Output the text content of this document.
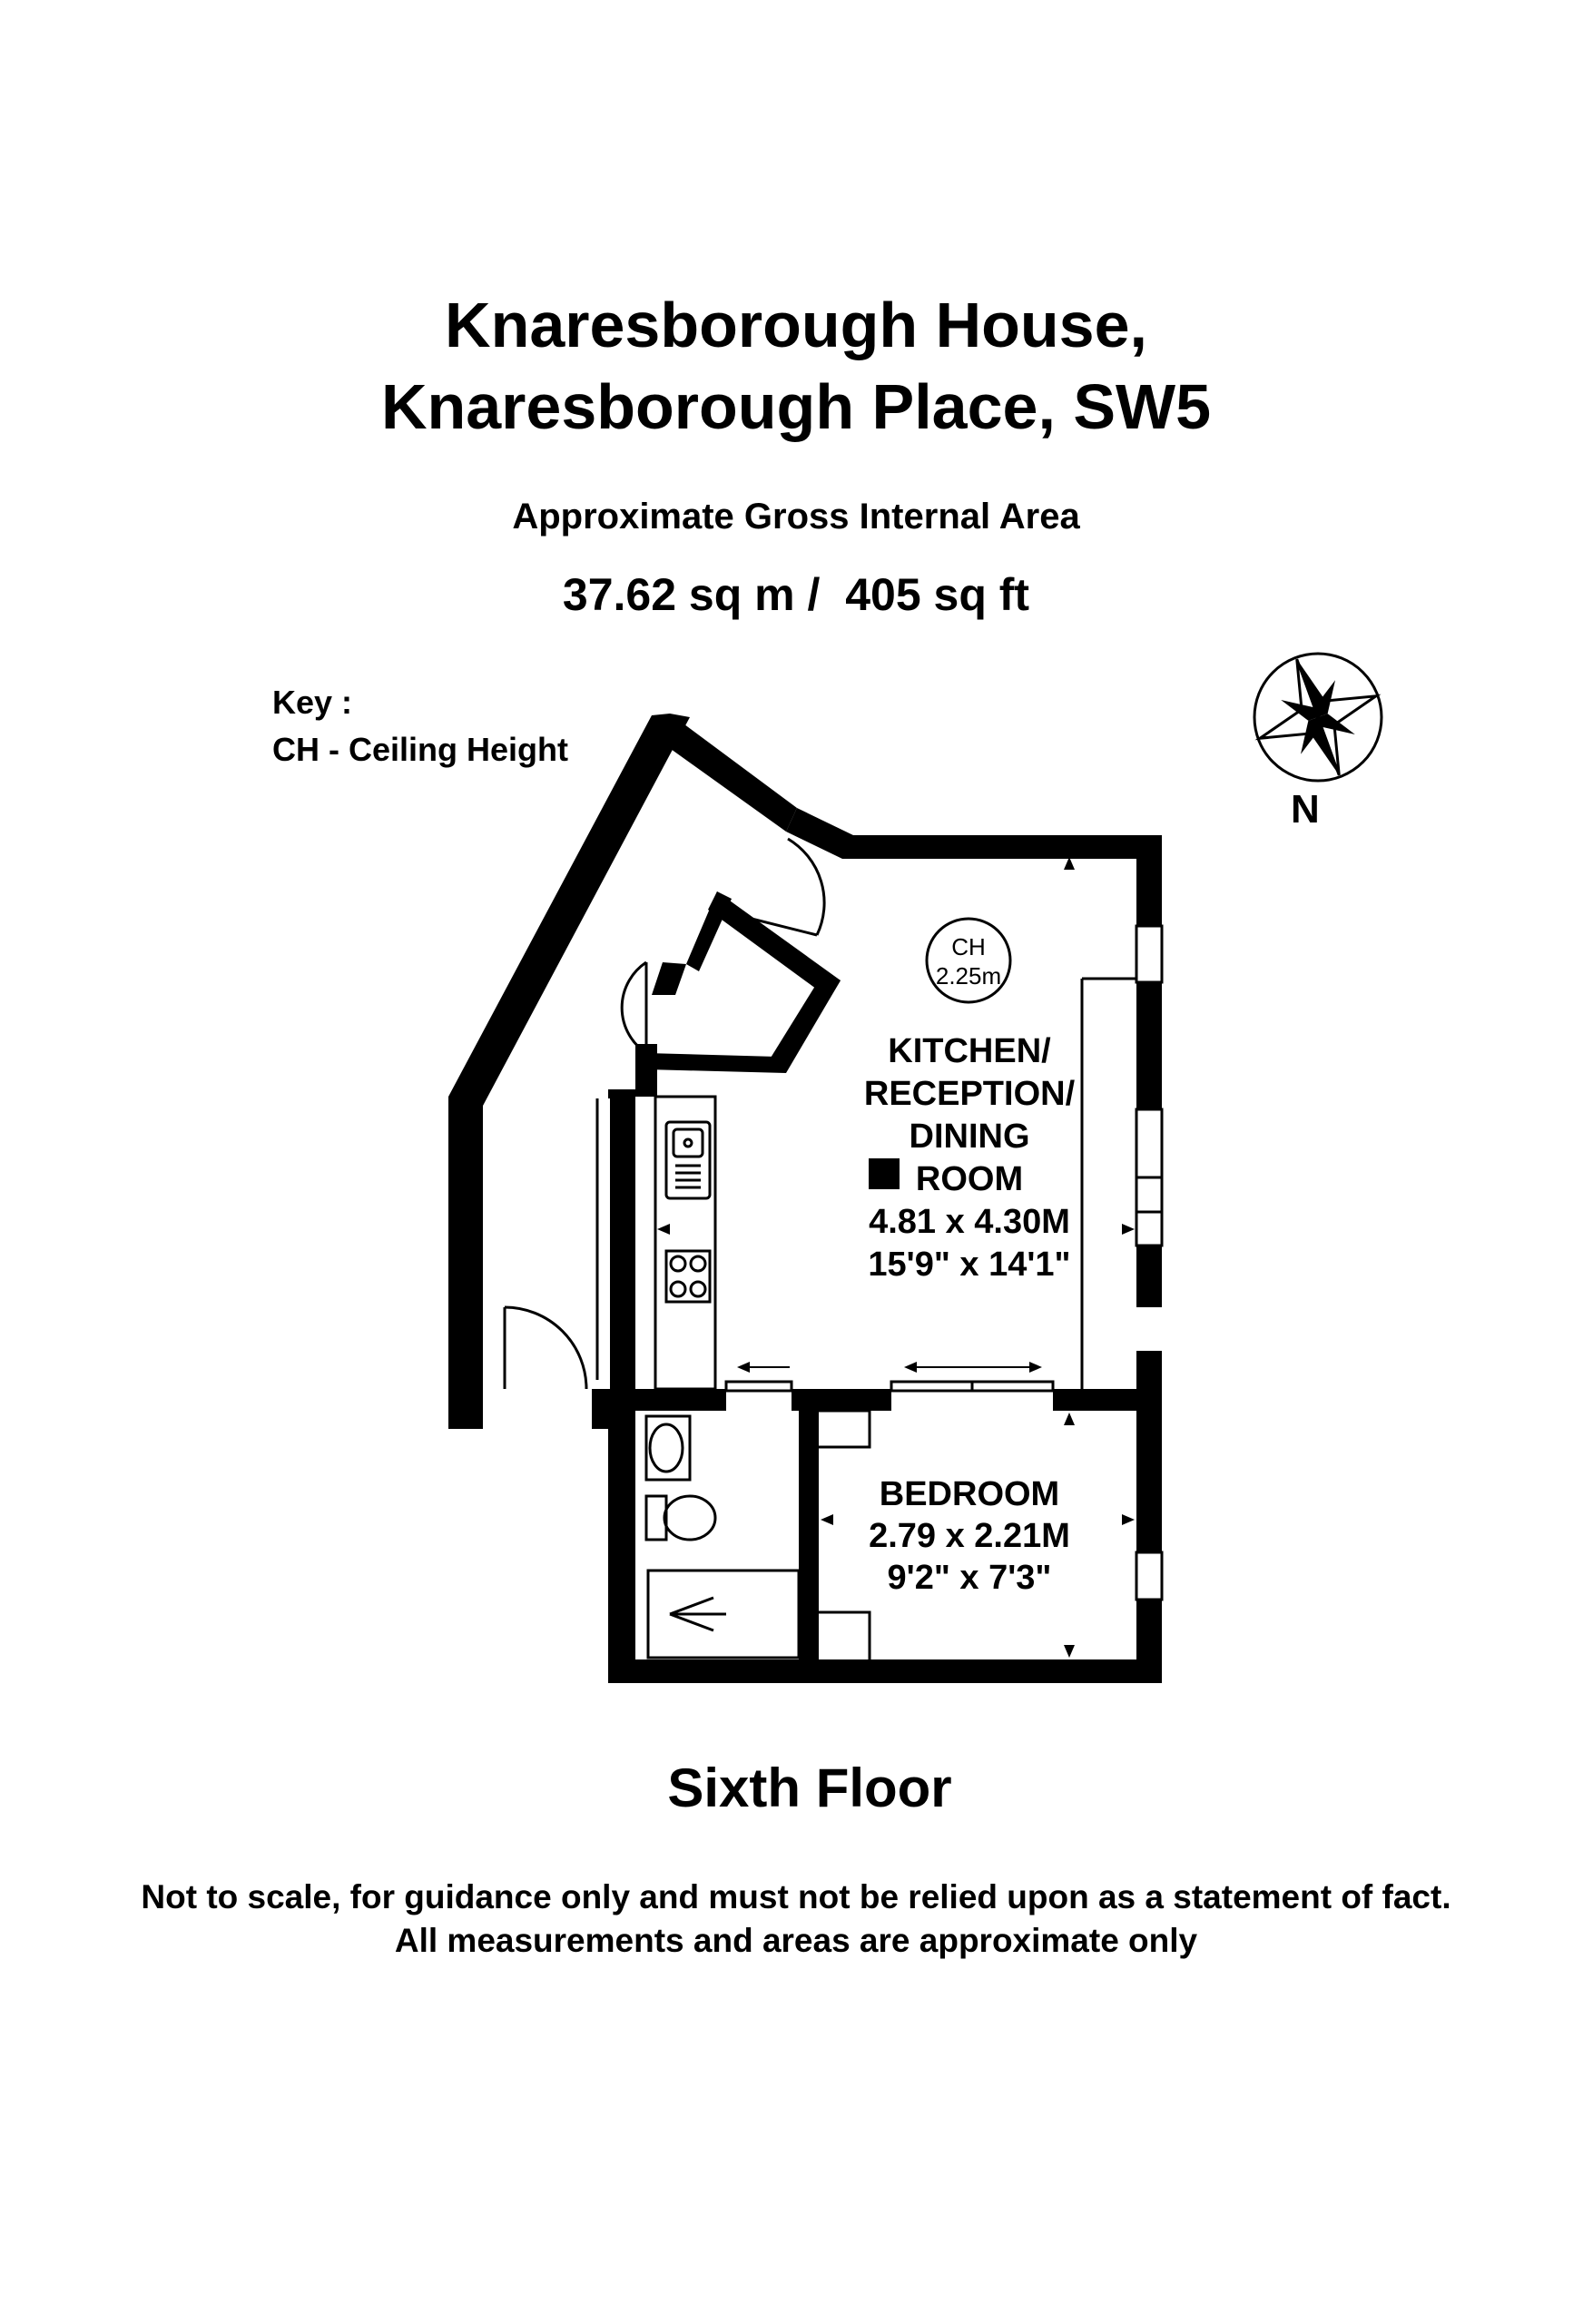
Knaresborough House,
Knaresborough Place, SW5
Approximate Gross Internal Area
37.62 sq m /  405 sq ft
Key :
CH - Ceiling Height
N
CH
2.25m
KITCHEN/
RECEPTION/
DINING
ROOM
4.81 x 4.30M
15'9" x 14'1"
BEDROOM
2.79 x 2.21M
9'2" x 7'3"
Sixth Floor
Not to scale, for guidance only and must not be relied upon as a statement of fact.
All measurements and areas are approximate only
